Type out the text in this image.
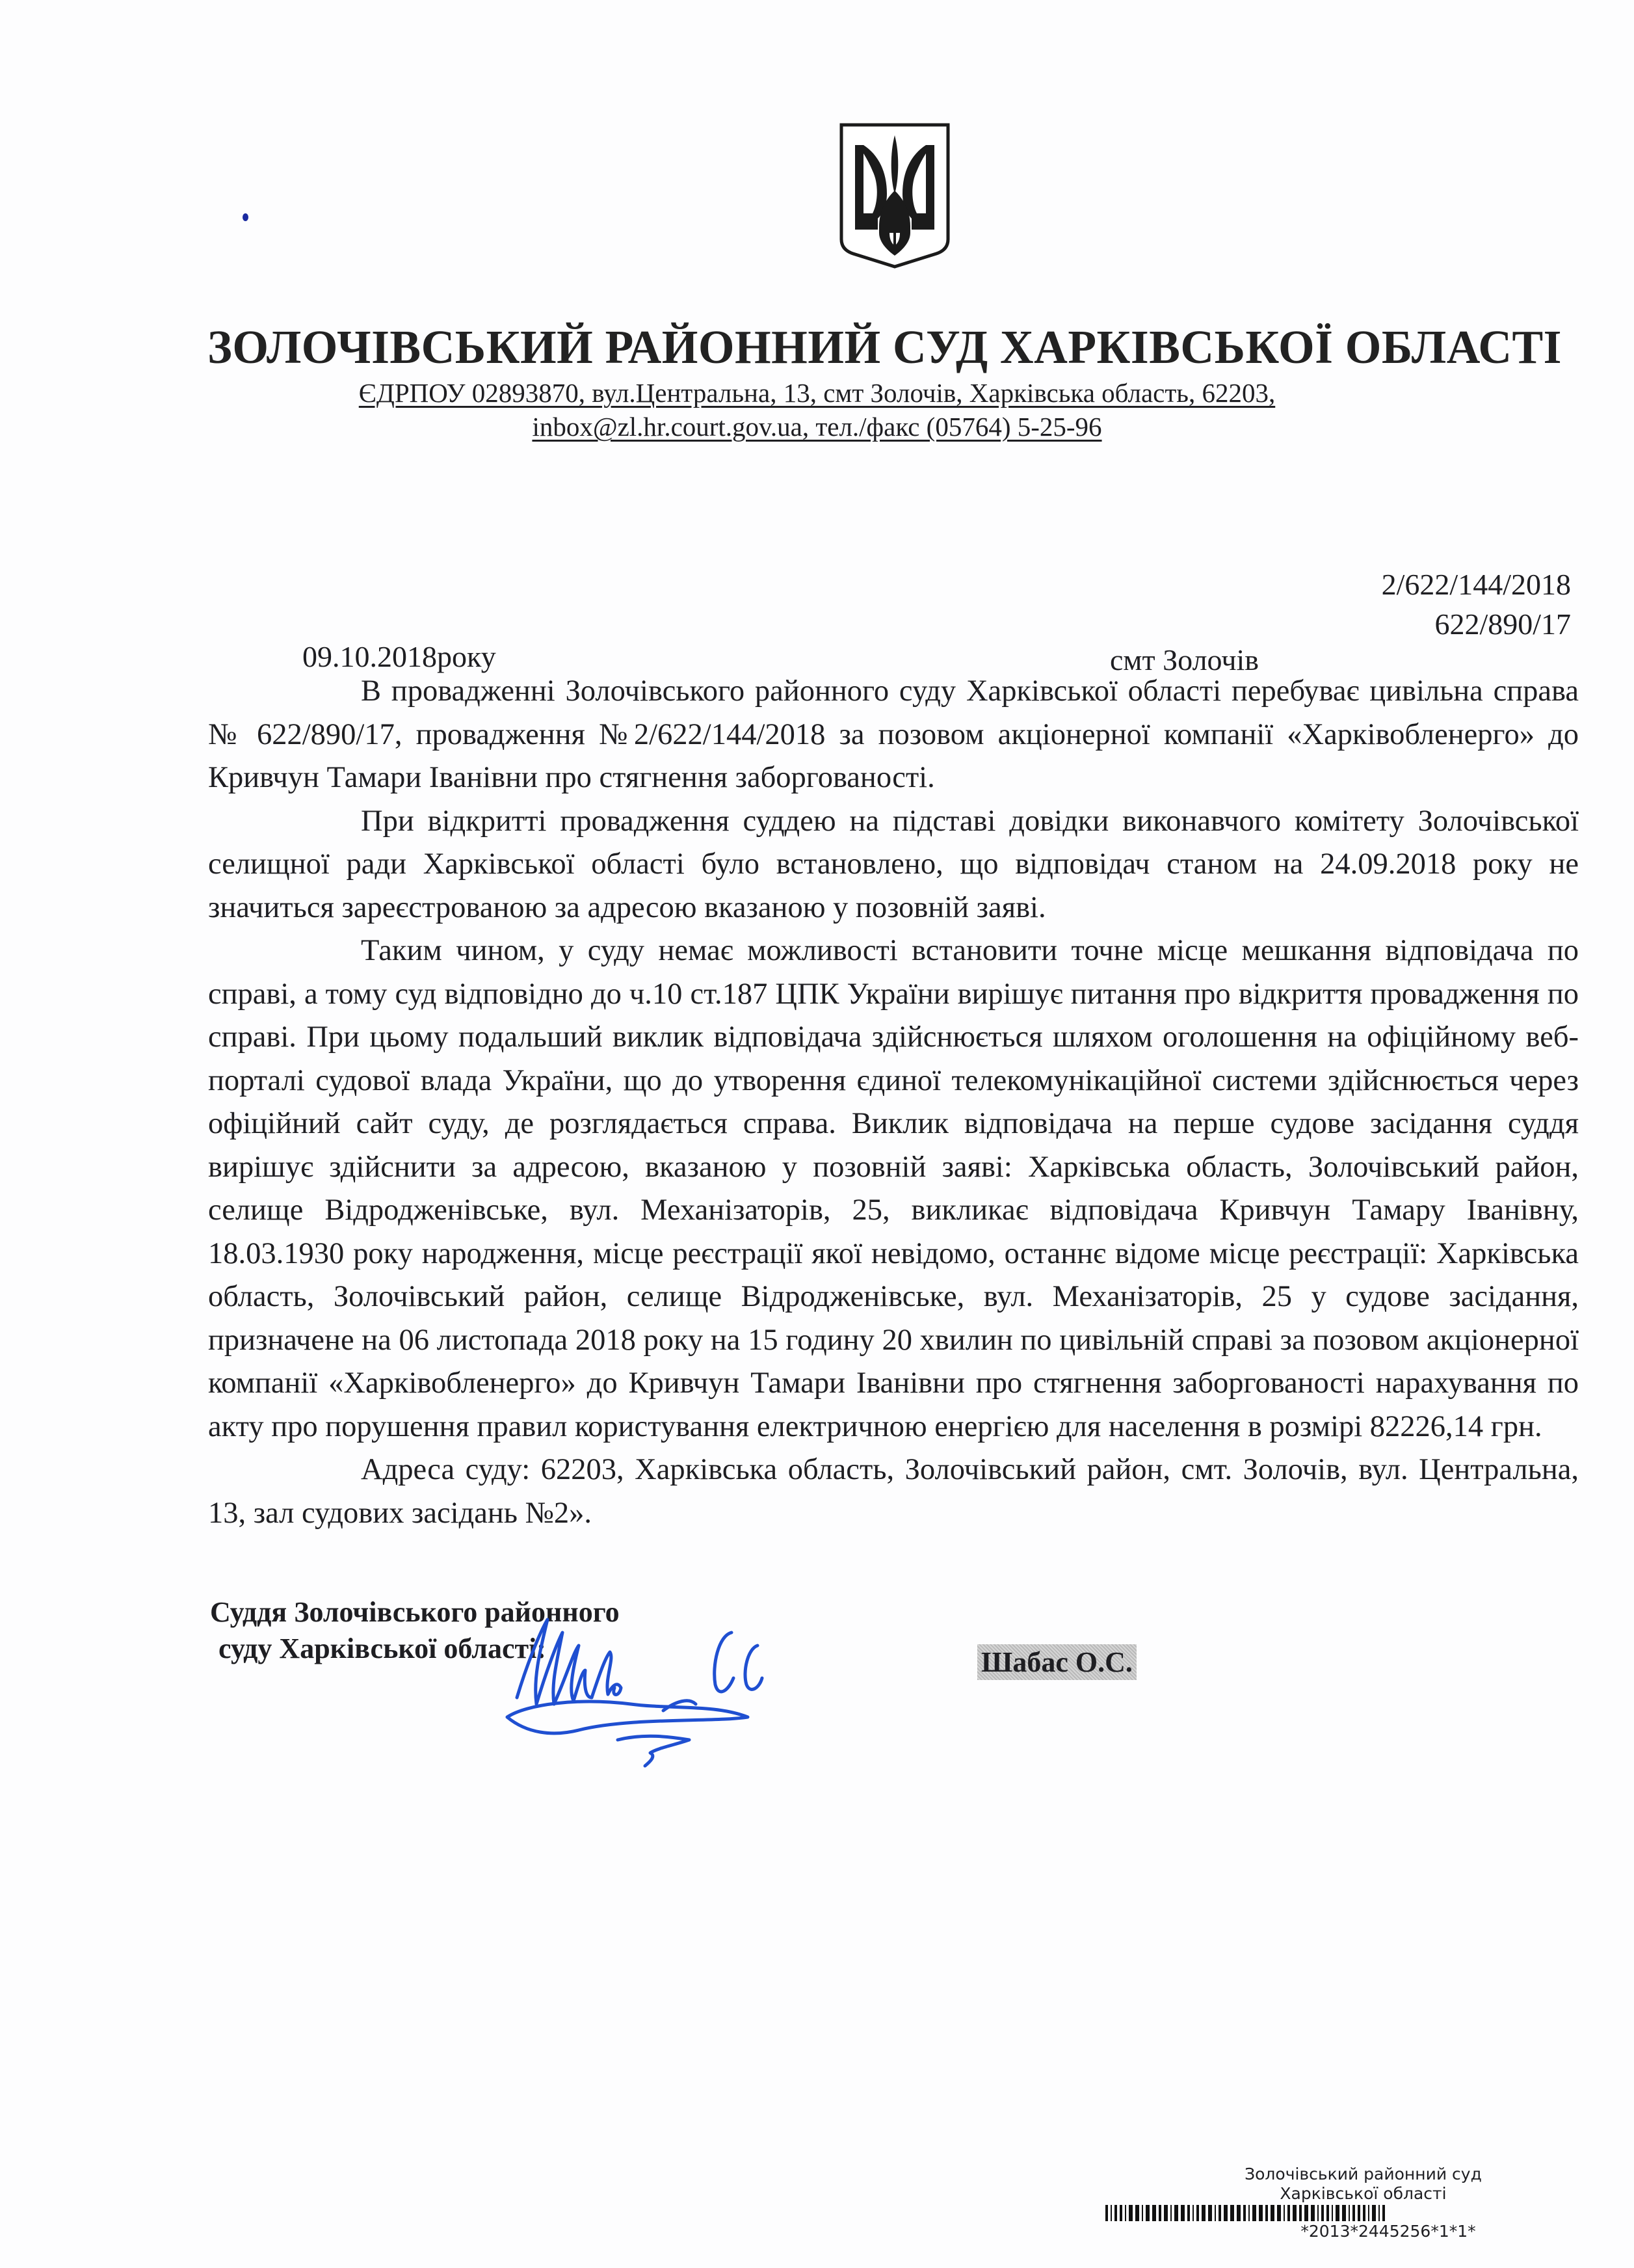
ЗОЛОЧІВСЬКИЙ РАЙОННИЙ СУД ХАРКІВСЬКОЇ ОБЛАСТІ
ЄДРПОУ 02893870, вул.Центральна, 13, смт Золочів, Харківська область, 62203,
inbox@zl.hr.court.gov.ua, тел./факс (05764) 5-25-96
2/622/144/2018
622/890/17
09.10.2018року	смт Золочів

В провадженні Золочівського районного суду Харківської області перебуває цивільна справа № 622/890/17, провадження №2/622/144/2018 за позовом акціонерної компанії «Харківобленерго» до Кривчун Тамари Іванівни про стягнення заборгованості.

При відкритті провадження суддею на підставі довідки виконавчого комітету Золочівської селищної ради Харківської області було встановлено, що відповідач станом на 24.09.2018 року не значиться зареєстрованою за адресою вказаною у позовній заяві.

Таким чином, у суду немає можливості встановити точне місце мешкання відповідача по справі, а тому суд відповідно до ч.10 ст.187 ЦПК України вирішує питання про відкриття провадження по справі. При цьому подальший виклик відповідача здійснюється шляхом оголошення на офіційному веб-порталі судової влада України, що до утворення єдиної телекомунікаційної системи здійснюється через офіційний сайт суду, де розглядається справа. Виклик відповідача на перше судове засідання суддя вирішує здійснити за адресою, вказаною у позовній заяві: Харківська область, Золочівський район, селище Відродженівське, вул. Механізаторів, 25, викликає відповідача Кривчун Тамару Іванівну, 18.03.1930 року народження, місце реєстрації якої невідомо, останнє відоме місце реєстрації: Харківська область, Золочівський район, селище Відродженівське, вул. Механізаторів, 25 у судове засідання, призначене на 06 листопада 2018 року на 15 годину 20 хвилин по цивільній справі за позовом акціонерної компанії «Харківобленерго» до Кривчун Тамари Іванівни про стягнення заборгованості нарахування по акту про порушення правил користування електричною енергією для населення в розмірі 82226,14 грн.

Адреса суду: 62203, Харківська область, Золочівський район, смт. Золочів, вул. Центральна, 13, зал судових засідань №2».

Суддя Золочівського районного
суду Харківської області:	Шабас О.С.
Золочівський районний суд
Харківської області
*2013*2445256*1*1*
